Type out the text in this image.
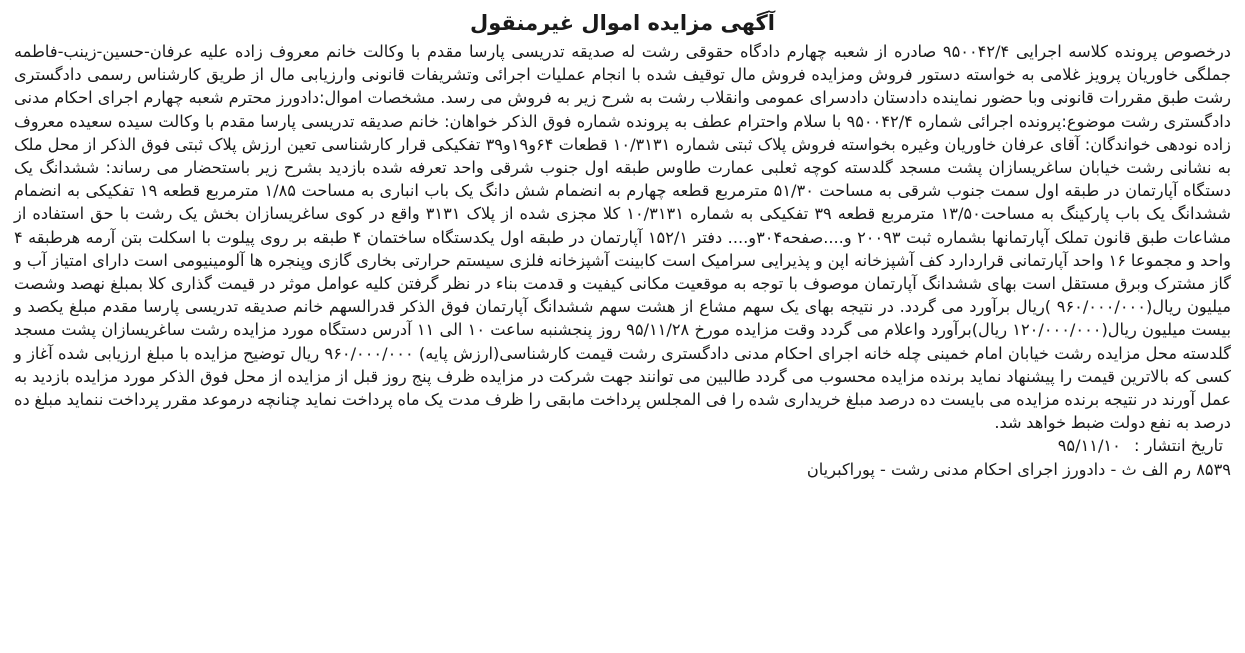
آگهی مزایده اموال غیرمنقول

درخصوص پرونده کلاسه اجرایی ۹۵۰۰۴۲/۴ صادره از شعبه چهارم دادگاه حقوقی رشت له صدیقه تدریسی پارسا مقدم با وکالت خانم معروف زاده علیه عرفان-حسین-زینب-فاطمه جملگی خاوریان پرویز غلامی به خواسته دستور فروش ومزایده فروش مال توقیف شده با انجام عملیات اجرائی وتشریفات قانونی وارزیابی مال از طریق کارشناس رسمی دادگستری رشت طبق مقررات قانونی وبا حضور نماینده دادستان دادسرای عمومی وانقلاب رشت به شرح زیر به فروش می رسد. مشخصات اموال:دادورز محترم شعبه چهارم اجرای احکام مدنی دادگستری رشت موضوع:پرونده اجرائی شماره ۹۵۰۰۴۲/۴ با سلام واحترام عطف به پرونده شماره فوق الذکر خواهان: خانم صدیقه تدریسی پارسا مقدم با وکالت سیده سعیده معروف زاده نودهی خواندگان: آقای عرفان خاوریان وغیره بخواسته فروش پلاک ثبتی شماره ۱۰/۳۱۳۱ قطعات ۶۴و۱۹و۳۹ تفکیکی قرار کارشناسی تعین ارزش پلاک ثبتی فوق الذکر از محل ملک به نشانی رشت خیابان ساغریسازان پشت مسجد گلدسته کوچه ثعلبی عمارت طاوس طبقه اول جنوب شرقی واحد تعرفه شده بازدید بشرح زیر باستحضار می رساند: ششدانگ یک دستگاه آپارتمان در طبقه اول سمت جنوب شرقی به مساحت ۵۱/۳۰ مترمربع قطعه چهارم به انضمام شش دانگ یک باب انباری به مساحت ۱/۸۵ مترمربع قطعه ۱۹ تفکیکی به انضمام ششدانگ یک باب پارکینگ به مساحت۱۳/۵۰ مترمربع قطعه ۳۹ تفکیکی به شماره ۱۰/۳۱۳۱ کلا مجزی شده از پلاک ۳۱۳۱ واقع در کوی ساغریسازان بخش یک رشت با حق استفاده از مشاعات طبق قانون تملک آپارتمانها بشماره ثبت ۲۰۰۹۳ و....صفحه۳۰۴و.... دفتر ۱۵۲/۱ آپارتمان در طبقه اول یکدستگاه ساختمان ۴ طبقه بر روی پیلوت با اسکلت بتن آرمه هرطبقه ۴ واحد و مجموعا ۱۶ واحد آپارتمانی قراردارد کف آشپزخانه اپن و پذیرایی سرامیک است کابینت آشپزخانه فلزی سیستم حرارتی بخاری گازی وپنجره ها آلومینیومی است دارای امتیاز آب و گاز مشترک وبرق مستقل است بهای ششدانگ آپارتمان موصوف با توجه به موقعیت مکانی کیفیت و قدمت بناء در نظر گرفتن کلیه عوامل موثر در قیمت گذاری کلا بمبلغ نهصد وشصت میلیون ریال(۹۶۰/۰۰۰/۰۰۰ )ریال برآورد می گردد. در نتیجه بهای یک سهم مشاع از هشت سهم ششدانگ آپارتمان فوق الذکر قدرالسهم خانم صدیقه تدریسی پارسا مقدم مبلغ یکصد و بیست میلیون ریال(۱۲۰/۰۰۰/۰۰۰ ریال)برآورد واعلام می گردد وقت مزایده مورخ ۹۵/۱۱/۲۸ روز پنجشنبه ساعت ۱۰ الی ۱۱ آدرس دستگاه مورد مزایده رشت ساغریسازان پشت مسجد گلدسته محل مزایده رشت خیابان امام خمینی چله خانه اجرای احکام مدنی دادگستری رشت قیمت کارشناسی(ارزش پایه) ۹۶۰/۰۰۰/۰۰۰ ریال توضیح مزایده با مبلغ ارزیابی شده آغاز و کسی که بالاترین قیمت را پیشنهاد نماید برنده مزایده محسوب می گردد طالبین می توانند جهت شرکت در مزایده ظرف پنج روز قبل از مزایده از محل فوق الذکر مورد مزایده بازدید به عمل آورند در نتیجه برنده مزایده می بایست ده درصد مبلغ خریداری شده را فی المجلس پرداخت مابقی را ظرف مدت یک ماه پرداخت نماید چنانچه درموعد مقرر پرداخت ننماید مبلغ ده درصد به نفع دولت ضبط خواهد شد.

تاریخ انتشار : ۹۵/۱۱/۱۰
۸۵۳۹ رم الف ث - دادورز اجرای احکام مدنی رشت - پوراکبریان
